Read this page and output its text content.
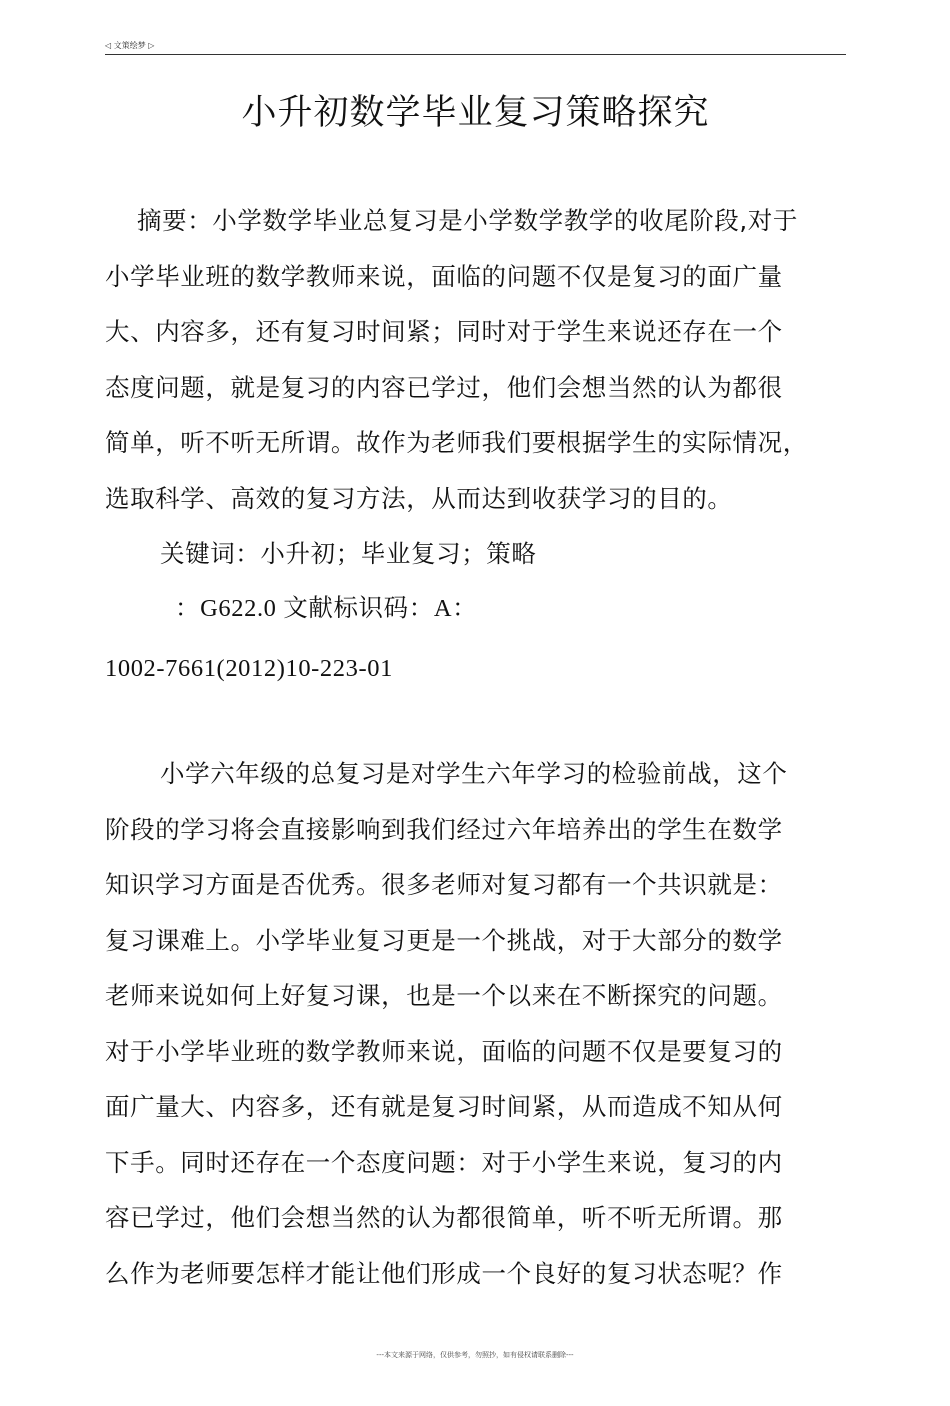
◁ 文策绘梦 ▷
小升初数学毕业复习策略探究

摘要：小学数学毕业总复习是小学数学教学的收尾阶段,对于
小学毕业班的数学教师来说，面临的问题不仅是复习的面广量
大、内容多，还有复习时间紧；同时对于学生来说还存在一个
态度问题，就是复习的内容已学过，他们会想当然的认为都很
简单，听不听无所谓。故作为老师我们要根据学生的实际情况，
选取科学、高效的复习方法，从而达到收获学习的目的。

关键词：小升初；毕业复习；策略

：G622.0 文献标识码：A：

1002-7661(2012)10-223-01

小学六年级的总复习是对学生六年学习的检验前战，这个
阶段的学习将会直接影响到我们经过六年培养出的学生在数学
知识学习方面是否优秀。很多老师对复习都有一个共识就是：
复习课难上。小学毕业复习更是一个挑战，对于大部分的数学
老师来说如何上好复习课，也是一个以来在不断探究的问题。
对于小学毕业班的数学教师来说，面临的问题不仅是要复习的
面广量大、内容多，还有就是复习时间紧，从而造成不知从何
下手。同时还存在一个态度问题：对于小学生来说，复习的内
容已学过，他们会想当然的认为都很简单，听不听无所谓。那
么作为老师要怎样才能让他们形成一个良好的复习状态呢？作

---本文来源于网络，仅供参考，勿照抄，如有侵权请联系删除---
